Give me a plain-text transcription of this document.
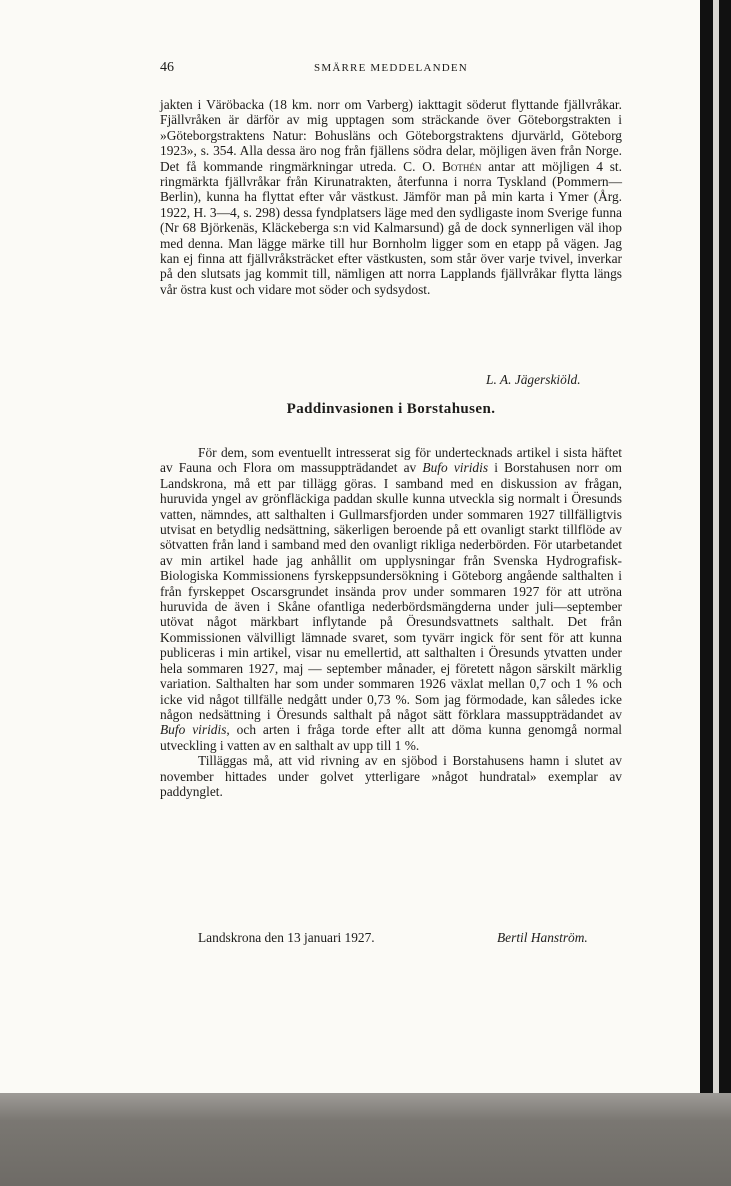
46	SMÄRRE MEDDELANDEN

jakten i Väröbacka (18 km. norr om Varberg) iakttagit söderut flyttande fjällvråkar. Fjällvråken är därför av mig upptagen som sträckande över Göteborgstrakten i »Göteborgstraktens Natur: Bohusläns och Göteborgstraktens djurvärld, Göteborg 1923», s. 354. Alla dessa äro nog från fjällens södra delar, möjligen även från Norge. Det få kommande ringmärkningar utreda. C. O. Bothén antar att möjligen 4 st. ringmärkta fjällvråkar från Kirunatrakten, återfunna i norra Tyskland (Pommern—Berlin), kunna ha flyttat efter vår västkust. Jämför man på min karta i Ymer (Årg. 1922, H. 3—4, s. 298) dessa fyndplatsers läge med den sydligaste inom Sverige funna (Nr 68 Björkenäs, Kläckeberga s:n vid Kalmarsund) gå de dock synnerligen väl ihop med denna. Man lägge märke till hur Bornholm ligger som en etapp på vägen. Jag kan ej finna att fjällvråksträcket efter västkusten, som står över varje tvivel, inverkar på den slutsats jag kommit till, nämligen att norra Lapplands fjällvråkar flytta längs vår östra kust och vidare mot söder och sydsydost.

L. A. Jägerskiöld.
Paddinvasionen i Borstahusen.

För dem, som eventuellt intresserat sig för undertecknads artikel i sista häftet av Fauna och Flora om massuppträdandet av Bufo viridis i Borstahusen norr om Landskrona, må ett par tillägg göras. I samband med en diskussion av frågan, huruvida yngel av grönfläckiga paddan skulle kunna utveckla sig normalt i Öresunds vatten, nämndes, att salthalten i Gullmarsfjorden under sommaren 1927 tillfälligtvis utvisat en betydlig nedsättning, säkerligen beroende på ett ovanligt starkt tillflöde av sötvatten från land i samband med den ovanligt rikliga nederbörden. För utarbetandet av min artikel hade jag anhållit om upplysningar från Svenska Hydrografisk-Biologiska Kommissionens fyrskeppsundersökning i Göteborg angående salthalten i från fyrskeppet Oscarsgrundet insända prov under sommaren 1927 för att utröna huruvida de även i Skåne ofantliga nederbördsmängderna under juli—september utövat något märkbart inflytande på Öresundsvattnets salthalt. Det från Kommissionen välvilligt lämnade svaret, som tyvärr ingick för sent för att kunna publiceras i min artikel, visar nu emellertid, att salthalten i Öresunds ytvatten under hela sommaren 1927, maj — september månader, ej företett någon särskilt märklig variation. Salthalten har som under sommaren 1926 växlat mellan 0,7 och 1 % och icke vid något tillfälle nedgått under 0,73 %. Som jag förmodade, kan således icke någon nedsättning i Öresunds salthalt på något sätt förklara massuppträdandet av Bufo viridis, och arten i fråga torde efter allt att döma kunna genomgå normal utveckling i vatten av en salthalt av upp till 1 %.

Tilläggas må, att vid rivning av en sjöbod i Borstahusens hamn i slutet av november hittades under golvet ytterligare »något hundratal» exemplar av paddynglet.

Landskrona den 13 januari 1927.	Bertil Hanström.
